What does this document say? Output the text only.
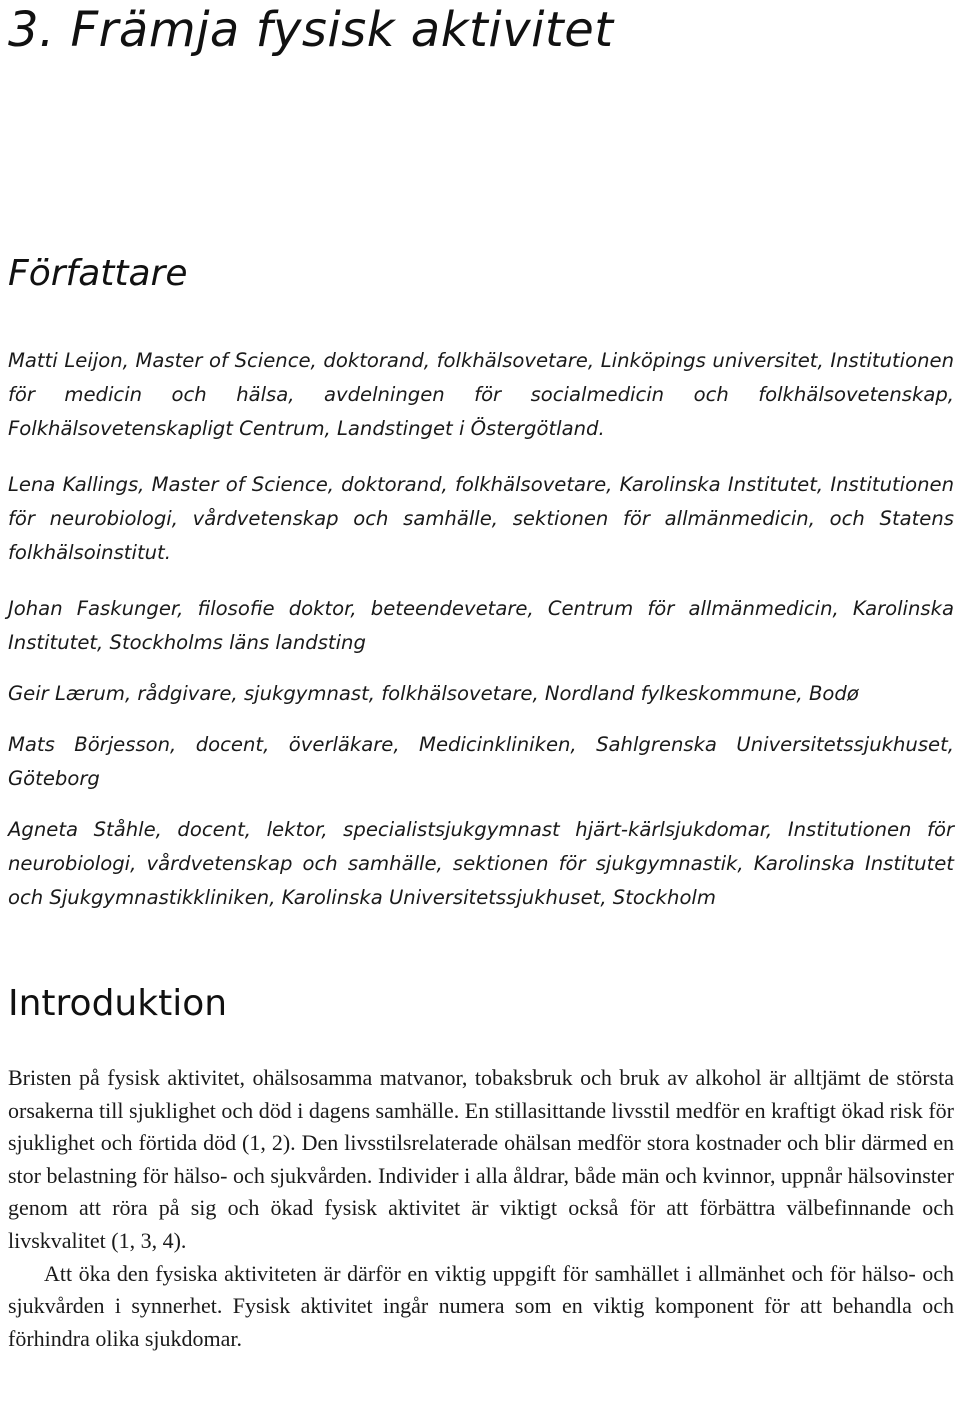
3. Främja fysisk aktivitet
Författare

Matti Leijon, Master of Science, doktorand, folkhälsovetare, Linköpings universitet, Institutionen för medicin och hälsa, avdelningen för socialmedicin och folkhälsovetenskap, Folkhälsovetenskapligt Centrum, Landstinget i Östergötland.

Lena Kallings, Master of Science, doktorand, folkhälsovetare, Karolinska Institutet, Institutionen för neurobiologi, vårdvetenskap och samhälle, sektionen för allmänmedicin, och Statens folkhälsoinstitut.

Johan Faskunger, filosofie doktor, beteendevetare, Centrum för allmänmedicin, Karolinska Institutet, Stockholms läns landsting

Geir Lærum, rådgivare, sjukgymnast, folkhälsovetare, Nordland fylkeskommune, Bodø

Mats Börjesson, docent, överläkare, Medicinkliniken, Sahlgrenska Universitetssjukhuset, Göteborg

Agneta Ståhle, docent, lektor, specialistsjukgymnast hjärt-kärlsjukdomar, Institutionen för neurobiologi, vårdvetenskap och samhälle, sektionen för sjukgymnastik, Karolinska Institutet och Sjukgymnastikkliniken, Karolinska Universitetssjukhuset, Stockholm

Introduktion

Bristen på fysisk aktivitet, ohälsosamma matvanor, tobaksbruk och bruk av alkohol är alltjämt de största orsakerna till sjuklighet och död i dagens samhälle. En stillasittande livsstil medför en kraftigt ökad risk för sjuklighet och förtida död (1, 2). Den livsstilsrelaterade ohälsan medför stora kostnader och blir därmed en stor belastning för hälso- och sjukvården. Individer i alla åldrar, både män och kvinnor, uppnår hälsovinster genom att röra på sig och ökad fysisk aktivitet är viktigt också för att förbättra välbefinnande och livskvalitet (1, 3, 4).

Att öka den fysiska aktiviteten är därför en viktig uppgift för samhället i allmänhet och för hälso- och sjukvården i synnerhet. Fysisk aktivitet ingår numera som en viktig komponent för att behandla och förhindra olika sjukdomar.
